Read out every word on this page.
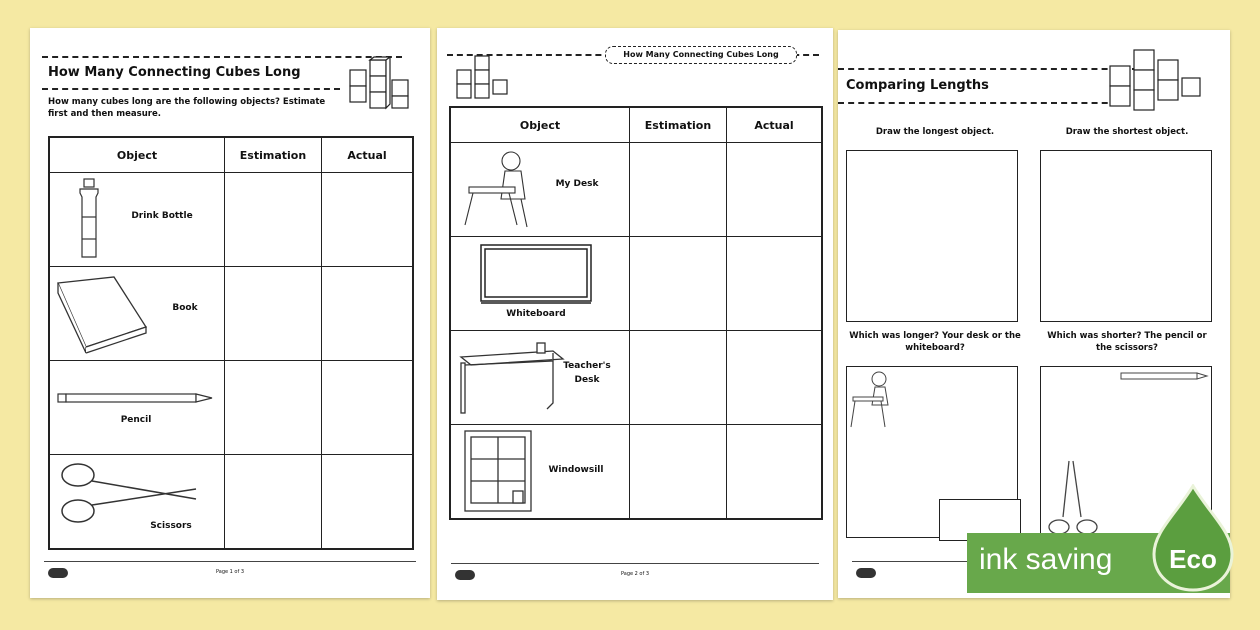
How Many Connecting Cubes Long
How many cubes long are the following objects? Estimate first and then measure.
Object	Estimation	Actual

Drink Bottle		

Book		

Pencil		

Scissors		

Page 1 of 3
How Many Connecting Cubes Long
Object	Estimation	Actual

My Desk		

Whiteboard		

Teacher's Desk		

Windowsill		

Page 2 of 3
Comparing Lengths
Draw the longest object.	Draw the shortest object.
Which was longer? Your desk or the whiteboard?
Which was shorter? The pencil or the scissors?
ink saving Eco
